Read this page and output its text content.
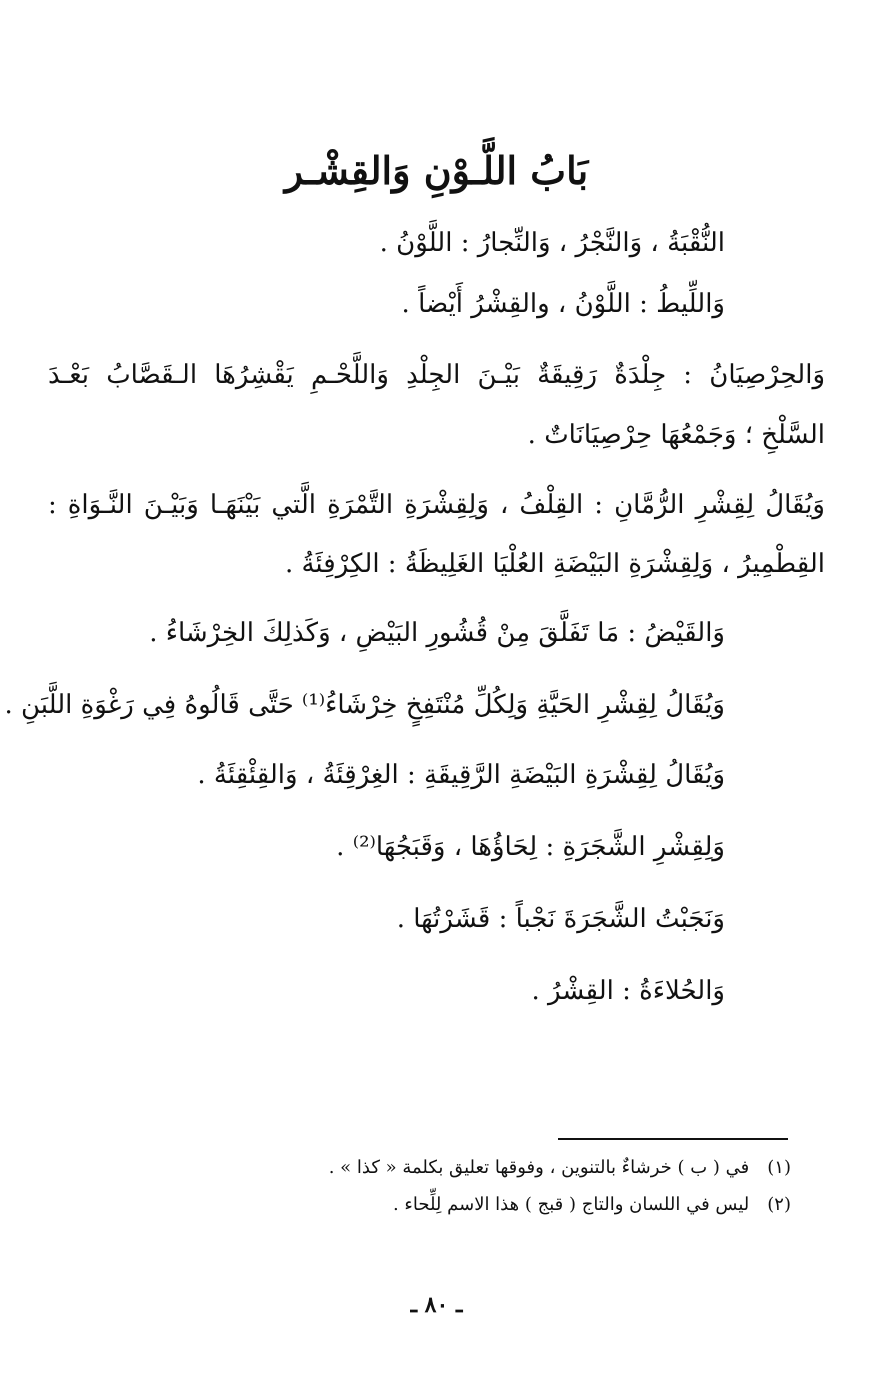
بَابُ اللَّـوْنِ وَالقِشْـر
النُّقْبَةُ ، وَالنَّجْرُ ، وَالنِّجارُ : اللَّوْنُ .
وَاللِّيطُ : اللَّوْنُ ، والقِشْرُ أَيْضاً .
وَالحِرْصِيَانُ : جِلْدَةٌ رَقِيقَةٌ بَيْـنَ الجِلْدِ وَاللَّحْـمِ يَقْشِرُهَا الـقَصَّابُ بَعْـدَ
السَّلْخِ ؛ وَجَمْعُهَا حِرْصِيَانَاتٌ .
وَيُقَالُ لِقِشْرِ الرُّمَّانِ : القِلْفُ ، وَلِقِشْرَةِ التَّمْرَةِ الَّتي بَيْنَهَـا وَبَيْـنَ النَّـوَاةِ :
القِطْمِيرُ ، وَلِقِشْرَةِ البَيْضَةِ العُلْيَا الغَلِيظَةُ : الكِرْفِئَةُ .
وَالقَيْضُ : مَا تَفَلَّقَ مِنْ قُشُورِ البَيْضِ ، وَكَذلِكَ الخِرْشَاءُ .
وَيُقَالُ لِقِشْرِ الحَيَّةِ وَلِكُلِّ مُنْتَفِخٍ خِرْشَاءُ⁽¹⁾ حَتَّى قَالُوهُ فِي رَغْوَةِ اللَّبَنِ .
وَيُقَالُ لِقِشْرَةِ البَيْضَةِ الرَّقِيقَةِ : الغِرْقِئَةُ ، وَالقِئْقِئَةُ .
وَلِقِشْرِ الشَّجَرَةِ : لِحَاؤُهَا ، وَقَبَجُهَا⁽²⁾ .
وَنَجَبْتُ الشَّجَرَةَ نَجْباً : قَشَرْتُهَا .
وَالحُلاءَةُ : القِشْرُ .
(١)في ( ب ) خرشاءٌ بالتنوين ، وفوقها تعليق بكلمة « كذا » .
(٢)ليس في اللسان والتاج ( قبج ) هذا الاسم لِلِّحاء .
ـ ٨٠ ـ
